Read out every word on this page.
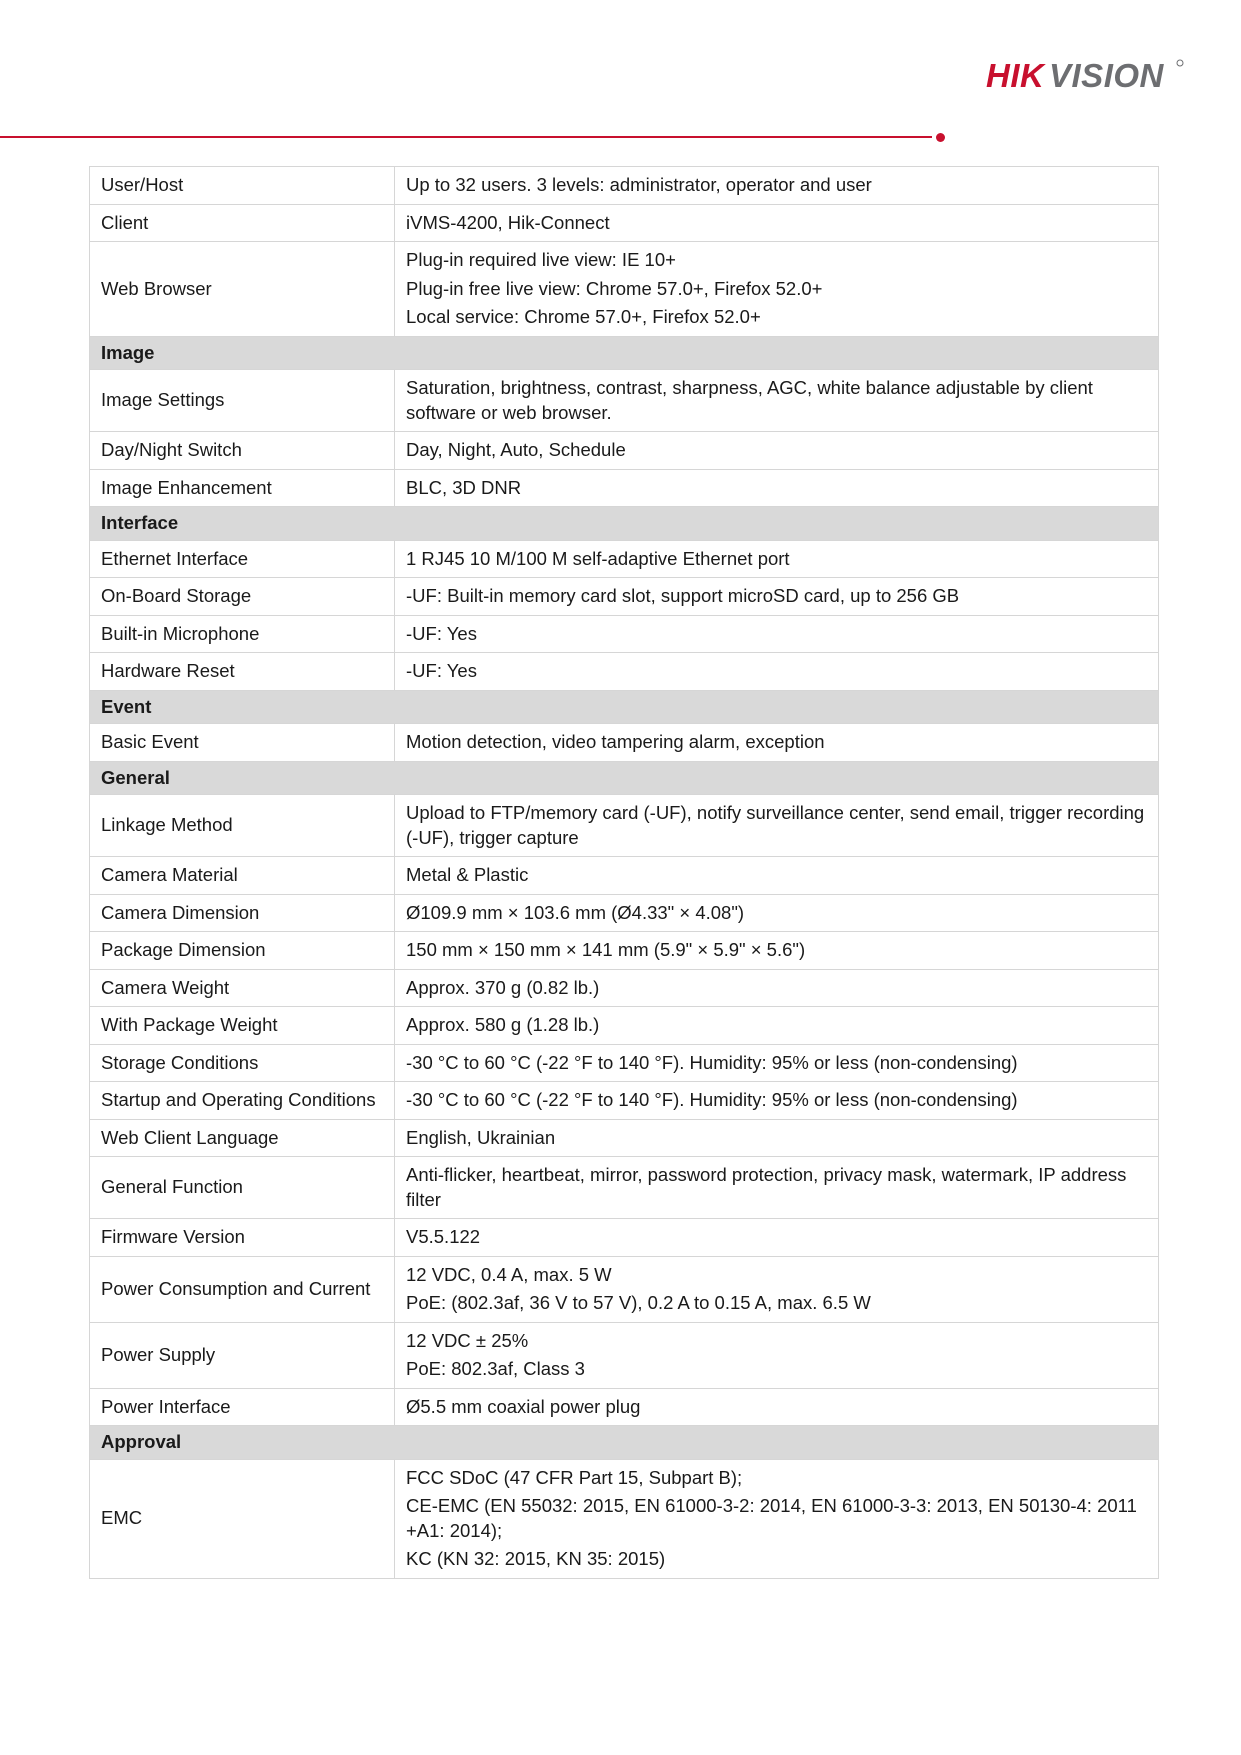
HIK VISION
User/Host	Up to 32 users. 3 levels: administrator, operator and user

Client	iVMS-4200, Hik-Connect

Web Browser	Plug-in required live view: IE 10+
Plug-in free live view: Chrome 57.0+, Firefox 52.0+
Local service: Chrome 57.0+, Firefox 52.0+

Image	
Image Settings	Saturation, brightness, contrast, sharpness, AGC, white balance adjustable by client software or web browser.

Day/Night Switch	Day, Night, Auto, Schedule

Image Enhancement	BLC, 3D DNR

Interface	
Ethernet Interface	1 RJ45 10 M/100 M self-adaptive Ethernet port

On-Board Storage	-UF: Built-in memory card slot, support microSD card, up to 256 GB

Built-in Microphone	-UF: Yes

Hardware Reset	-UF: Yes

Event	
Basic Event	Motion detection, video tampering alarm, exception

General	
Linkage Method	Upload to FTP/memory card (-UF), notify surveillance center, send email, trigger recording (-UF), trigger capture

Camera Material	Metal & Plastic

Camera Dimension	Ø109.9 mm × 103.6 mm (Ø4.33" × 4.08")

Package Dimension	150 mm × 150 mm × 141 mm (5.9" × 5.9" × 5.6")

Camera Weight	Approx. 370 g (0.82 lb.)

With Package Weight	Approx. 580 g (1.28 lb.)

Storage Conditions	-30 °C to 60 °C (-22 °F to 140 °F). Humidity: 95% or less (non-condensing)

Startup and Operating Conditions	-30 °C to 60 °C (-22 °F to 140 °F). Humidity: 95% or less (non-condensing)

Web Client Language	English, Ukrainian

General Function	Anti-flicker, heartbeat, mirror, password protection, privacy mask, watermark, IP address filter

Firmware Version	V5.5.122

Power Consumption and Current	12 VDC, 0.4 A, max. 5 W
PoE: (802.3af, 36 V to 57 V), 0.2 A to 0.15 A, max. 6.5 W

Power Supply	12 VDC ± 25%
PoE: 802.3af, Class 3

Power Interface	Ø5.5 mm coaxial power plug

Approval	
EMC	FCC SDoC (47 CFR Part 15, Subpart B);
CE-EMC (EN 55032: 2015, EN 61000-3-2: 2014, EN 61000-3-3: 2013, EN 50130-4: 2011 +A1: 2014);
KC (KN 32: 2015, KN 35: 2015)
